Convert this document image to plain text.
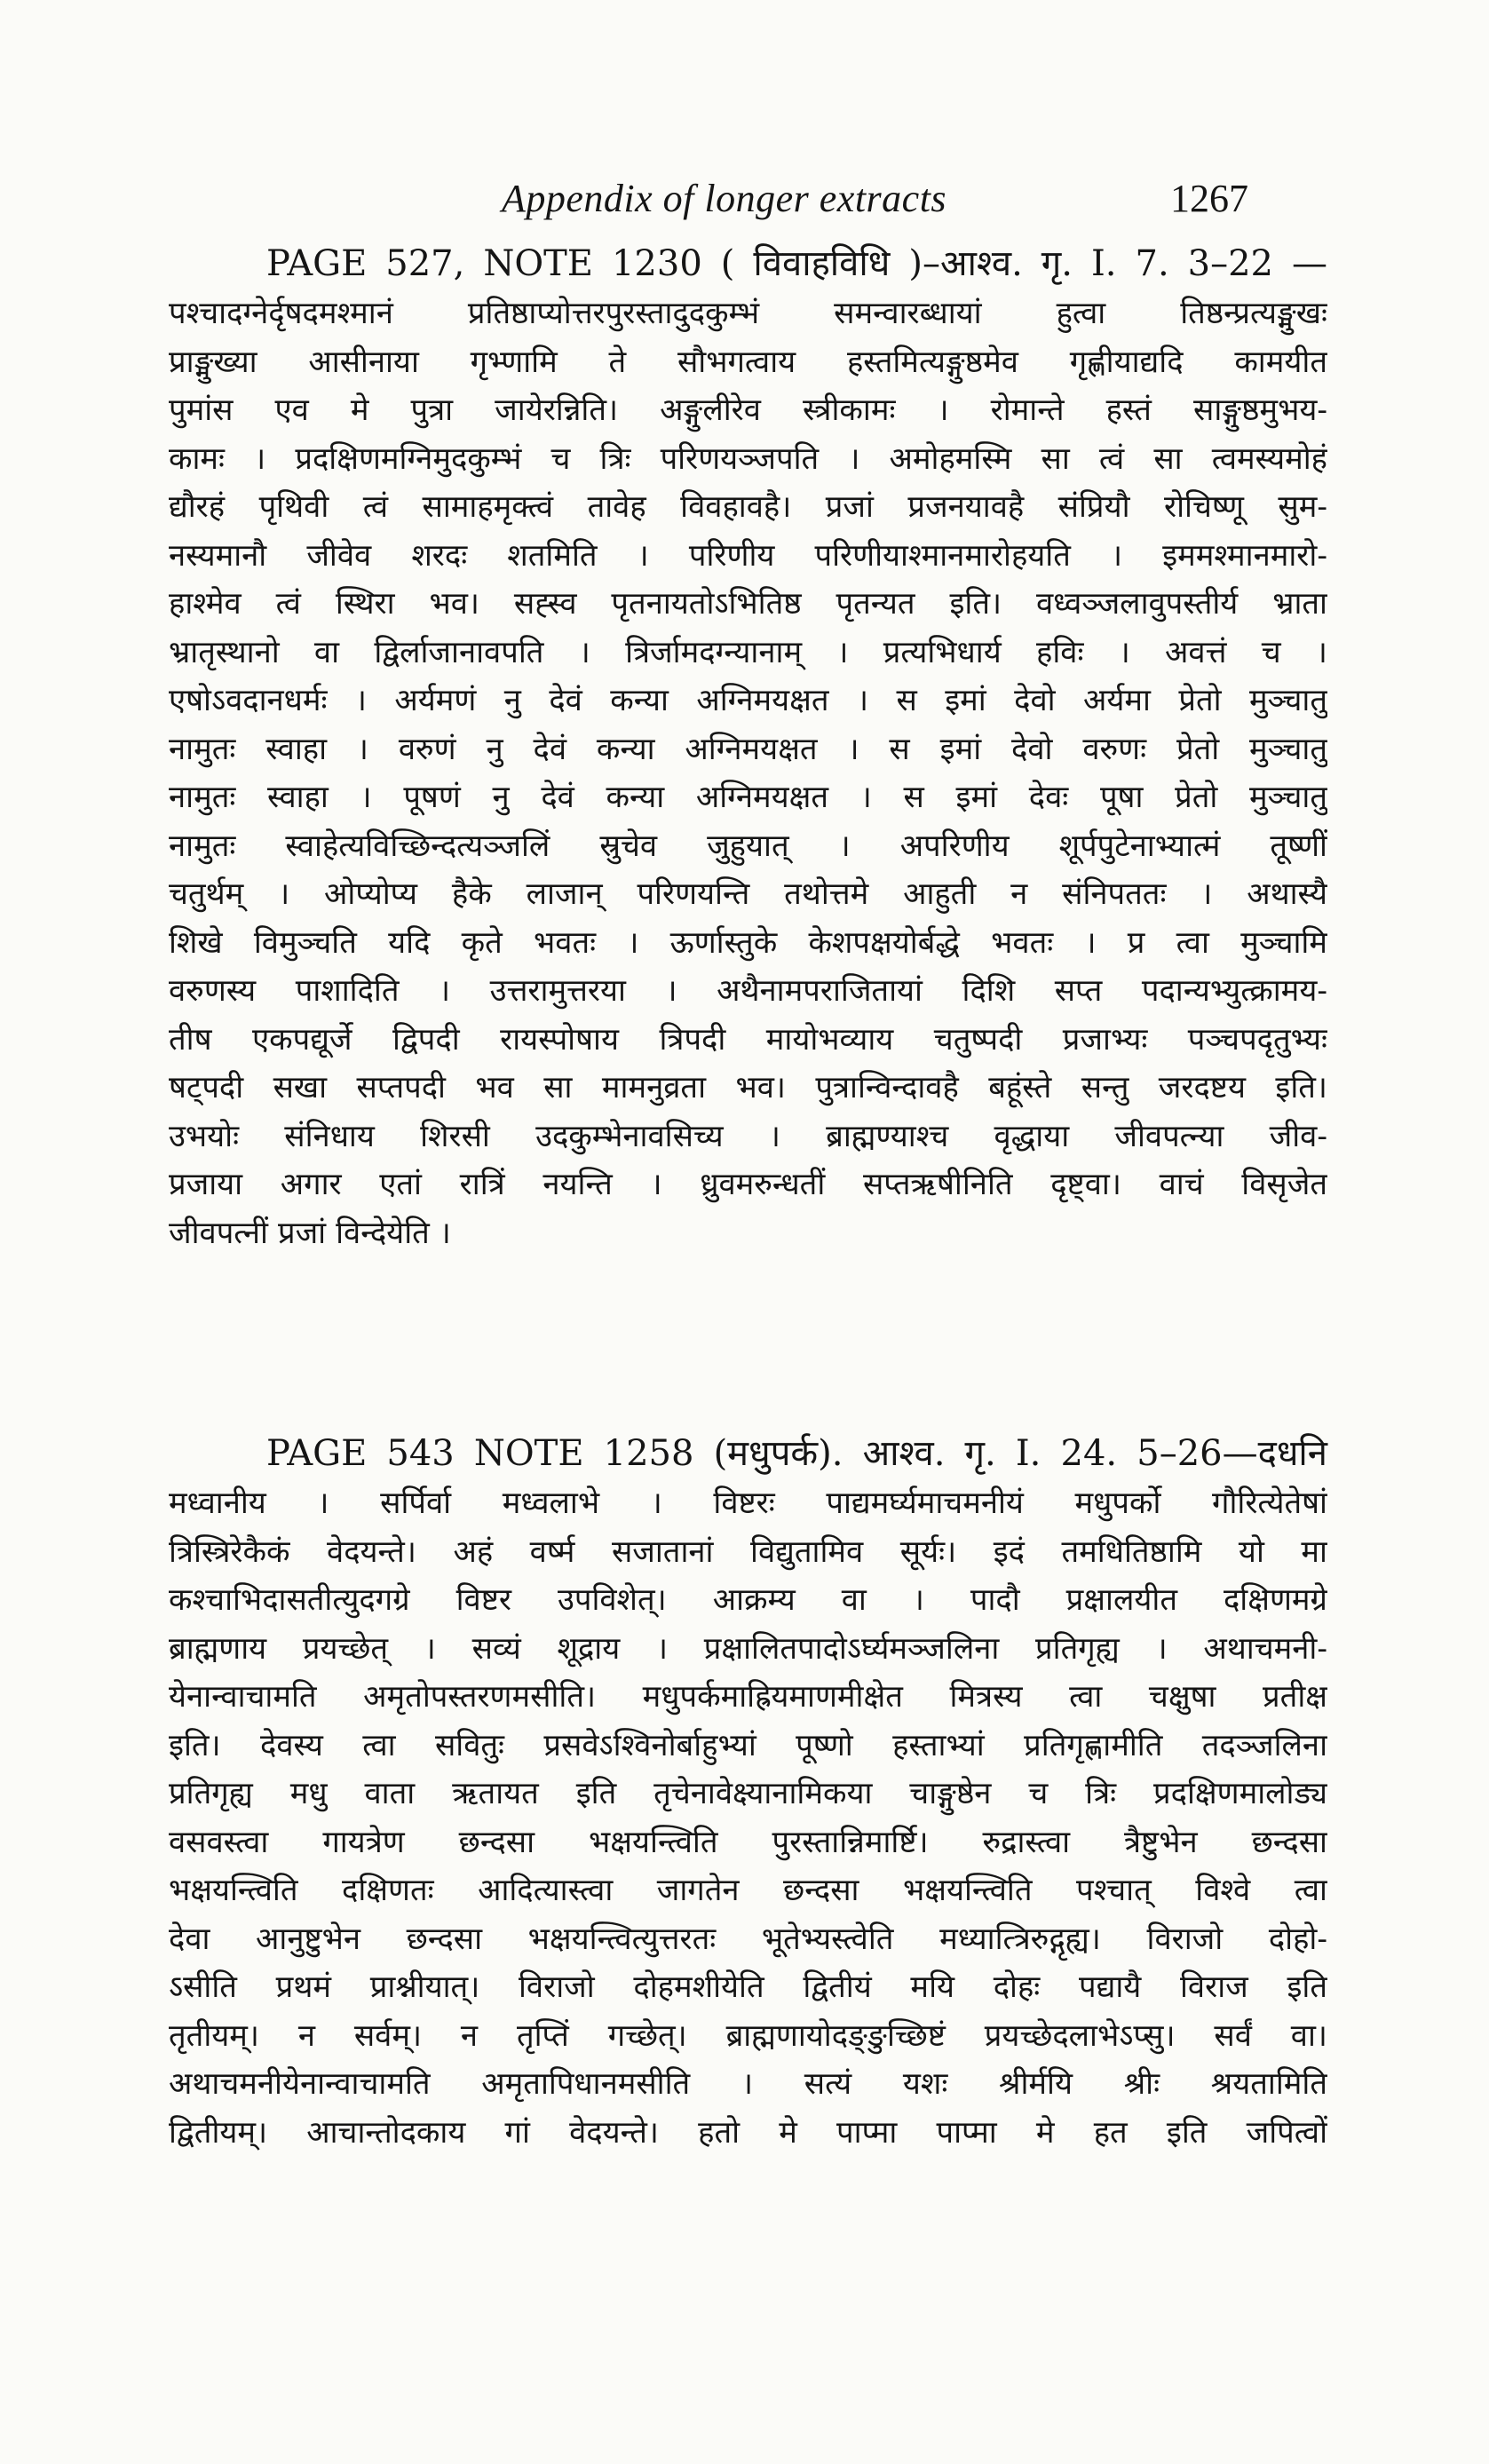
Appendix of longer extracts	1267
PAGE 527, NOTE 1230 ( विवाहविधि )–आश्व. गृ. I. 7. 3–22 —
पश्चादग्नेर्दृषदमश्मानं प्रतिष्ठाप्योत्तरपुरस्तादुदकुम्भं समन्वारब्धायां हुत्वा तिष्ठन्प्रत्यङ्मुखः
प्राङ्मुख्या आसीनाया गृभ्णामि ते सौभगत्वाय हस्तमित्यङ्गुष्ठमेव गृह्णीयाद्यदि कामयीत
पुमांस एव मे पुत्रा जायेरन्निति। अङ्गुलीरेव स्त्रीकामः । रोमान्ते हस्तं साङ्गुष्ठमुभय-
कामः । प्रदक्षिणमग्निमुदकुम्भं च त्रिः परिणयञ्जपति । अमोहमस्मि सा त्वं सा त्वमस्यमोहं
द्यौरहं पृथिवी त्वं सामाहमृक्त्वं तावेह विवहावहै। प्रजां प्रजनयावहै संप्रियौ रोचिष्णू सुम-
नस्यमानौ जीवेव शरदः शतमिति । परिणीय परिणीयाश्मानमारोहयति । इममश्मानमारो-
हाश्मेव त्वं स्थिरा भव। सह्स्व पृतनायतोऽभितिष्ठ पृतन्यत इति। वध्वञ्जलावुपस्तीर्य भ्राता
भ्रातृस्थानो वा द्विर्लाजानावपति । त्रिर्जामदग्न्यानाम् । प्रत्यभिधार्य हविः । अवत्तं च ।
एषोऽवदानधर्मः । अर्यमणं नु देवं कन्या अग्निमयक्षत । स इमां देवो अर्यमा प्रेतो मुञ्चातु
नामुतः स्वाहा । वरुणं नु देवं कन्या अग्निमयक्षत । स इमां देवो वरुणः प्रेतो मुञ्चातु
नामुतः स्वाहा । पूषणं नु देवं कन्या अग्निमयक्षत । स इमां देवः पूषा प्रेतो मुञ्चातु
नामुतः स्वाहेत्यविच्छिन्दत्यञ्जलिं स्रुचेव जुहुयात् । अपरिणीय शूर्पपुटेनाभ्यात्मं तूष्णीं
चतुर्थम् । ओप्योप्य हैके लाजान् परिणयन्ति तथोत्तमे आहुती न संनिपततः । अथास्यै
शिखे विमुञ्चति यदि कृते भवतः । ऊर्णास्तुके केशपक्षयोर्बद्धे भवतः । प्र त्वा मुञ्चामि
वरुणस्य पाशादिति । उत्तरामुत्तरया । अथैनामपराजितायां दिशि सप्त पदान्यभ्युत्क्रामय-
तीष एकपद्यूर्जे द्विपदी रायस्पोषाय त्रिपदी मायोभव्याय चतुष्पदी प्रजाभ्यः पञ्चपदृतुभ्यः
षट्पदी सखा सप्तपदी भव सा मामनुव्रता भव। पुत्रान्विन्दावहै बहूंस्ते सन्तु जरदष्टय इति।
उभयोः संनिधाय शिरसी उदकुम्भेनावसिच्य । ब्राह्मण्याश्च वृद्धाया जीवपत्न्या जीव-
प्रजाया अगार एतां रात्रिं नयन्ति । ध्रुवमरुन्धतीं सप्तऋषीनिति दृष्ट्वा। वाचं विसृजेत
जीवपत्नीं प्रजां विन्देयेति ।
PAGE 543 NOTE 1258 (मधुपर्क). आश्व. गृ. I. 24. 5–26—दधनि
मध्वानीय । सर्पिर्वा मध्वलाभे । विष्टरः पाद्यमर्घ्यमाचमनीयं मधुपर्को गौरित्येतेषां
त्रिस्त्रिरेकैकं वेदयन्ते। अहं वर्ष्म सजातानां विद्युतामिव सूर्यः। इदं तमधितिष्ठामि यो मा
कश्चाभिदासतीत्युदगग्रे विष्टर उपविशेत्। आक्रम्य वा । पादौ प्रक्षालयीत दक्षिणमग्रे
ब्राह्मणाय प्रयच्छेत् । सव्यं शूद्राय । प्रक्षालितपादोऽर्घ्यमञ्जलिना प्रतिगृह्य । अथाचमनी-
येनान्वाचामति अमृतोपस्तरणमसीति। मधुपर्कमाह्रियमाणमीक्षेत मित्रस्य त्वा चक्षुषा प्रतीक्ष
इति। देवस्य त्वा सवितुः प्रसवेऽश्विनोर्बाहुभ्यां पूष्णो हस्ताभ्यां प्रतिगृह्णामीति तदञ्जलिना
प्रतिगृह्य मधु वाता ऋतायत इति तृचेनावेक्ष्यानामिकया चाङ्गुष्ठेन च त्रिः प्रदक्षिणमालोड्य
वसवस्त्वा गायत्रेण छन्दसा भक्षयन्त्विति पुरस्तान्निमार्ष्टि। रुद्रास्त्वा त्रैष्टुभेन छन्दसा
भक्षयन्त्विति दक्षिणतः आदित्यास्त्वा जागतेन छन्दसा भक्षयन्त्विति पश्चात् विश्वे त्वा
देवा आनुष्टुभेन छन्दसा भक्षयन्त्वित्युत्तरतः भूतेभ्यस्त्वेति मध्यात्त्रिरुद्गृह्य। विराजो दोहो-
ऽसीति प्रथमं प्राश्नीयात्। विराजो दोहमशीयेति द्वितीयं मयि दोहः पद्यायै विराज इति
तृतीयम्। न सर्वम्। न तृप्तिं गच्छेत्। ब्राह्मणायोदङ्ङुच्छिष्टं प्रयच्छेदलाभेऽप्सु। सर्वं वा।
अथाचमनीयेनान्वाचामति अमृतापिधानमसीति । सत्यं यशः श्रीर्मयि श्रीः श्रयतामिति
द्वितीयम्। आचान्तोदकाय गां वेदयन्ते। हतो मे पाप्मा पाप्मा मे हत इति जपित्वों
